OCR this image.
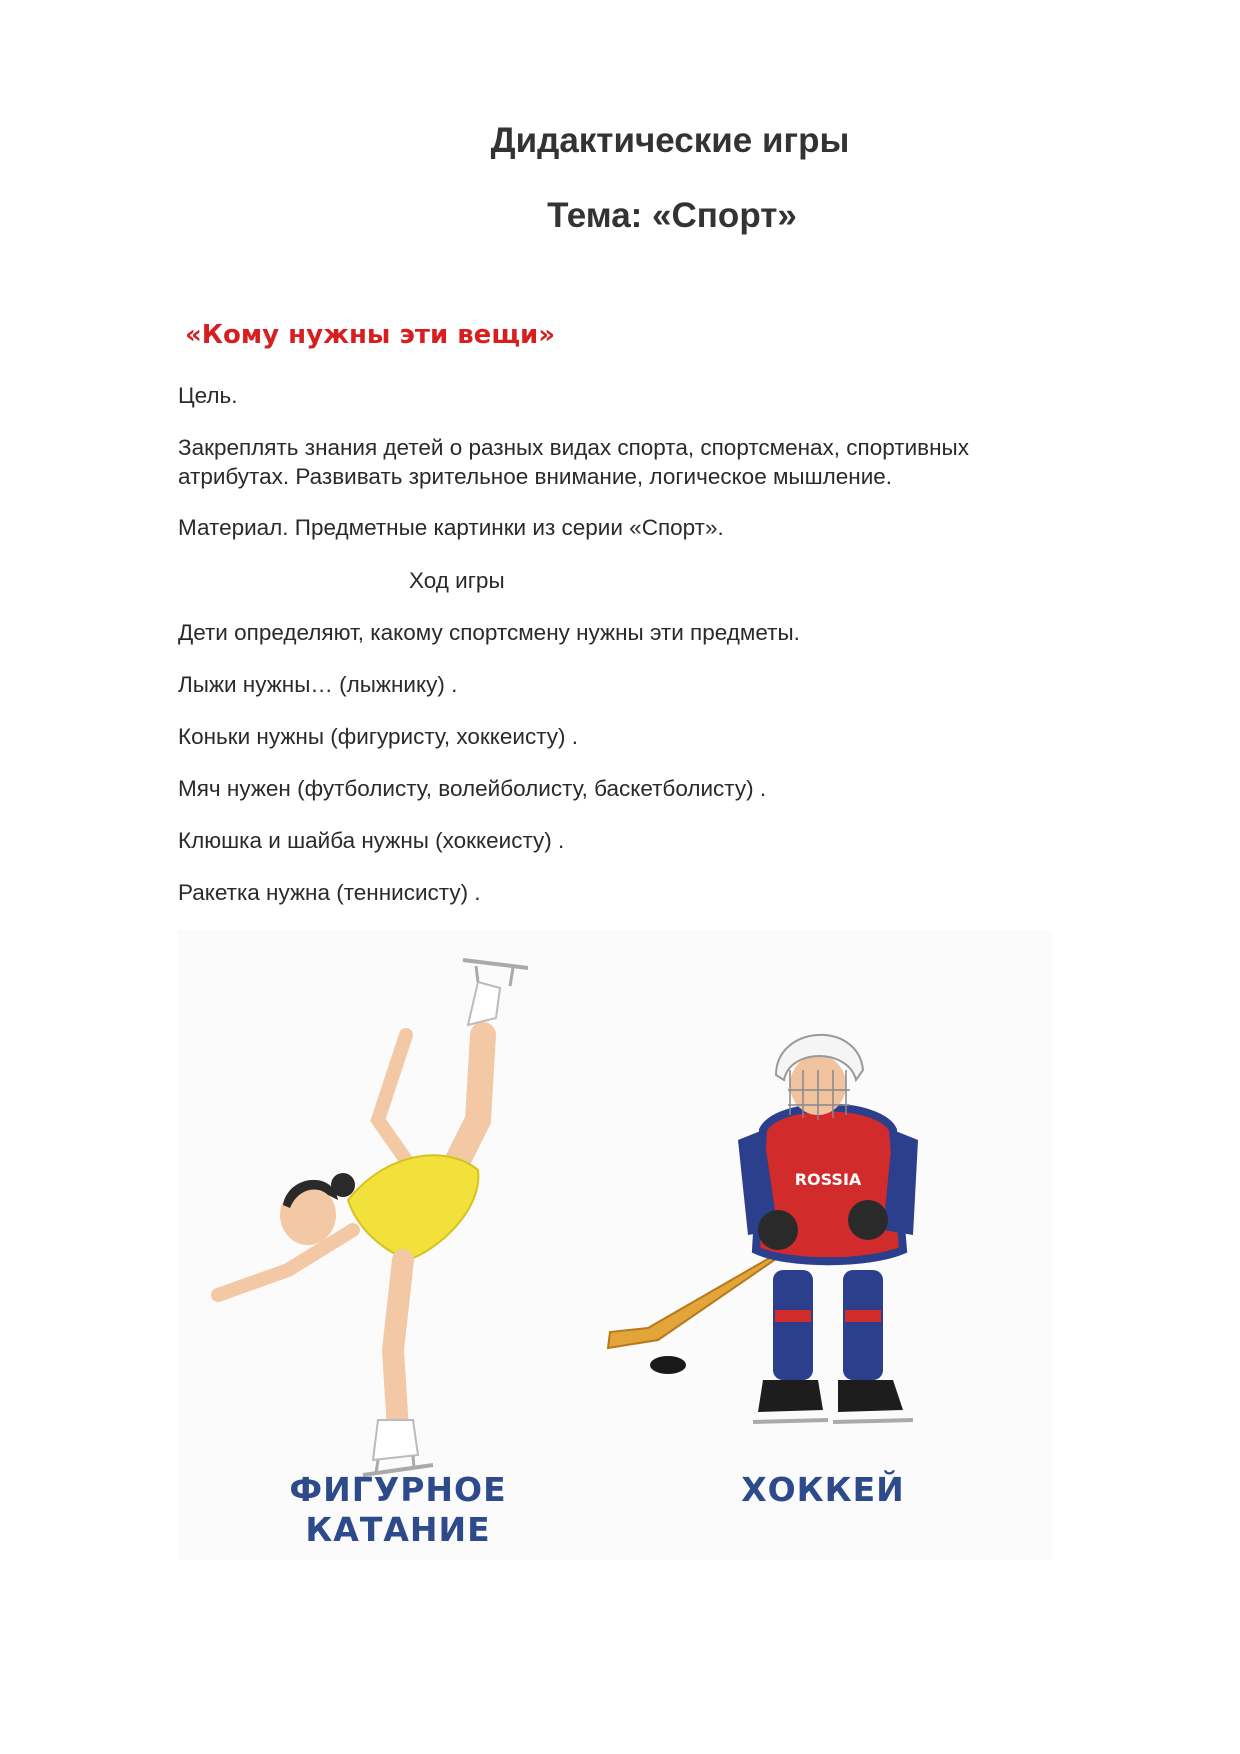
Дидактические игры
Тема: «Спорт»
«Кому нужны эти вещи»

Цель.

Закреплять знания детей о разных видах спорта, спортсменах, спортивных атрибутах. Развивать зрительное внимание, логическое мышление.

Материал. Предметные картинки из серии «Спорт».

Ход игры

Дети определяют, какому спортсмену нужны эти предметы.

Лыжи нужны… (лыжнику) .

Коньки нужны (фигуристу, хоккеисту) .

Мяч нужен (футболисту, волейболисту, баскетболисту) .

Клюшка и шайба нужны (хоккеисту) .

Ракетка нужна (теннисисту) .

ROSSIA
ФИГУРНОЕ
КАТАНИЕ
ХОККЕЙ
